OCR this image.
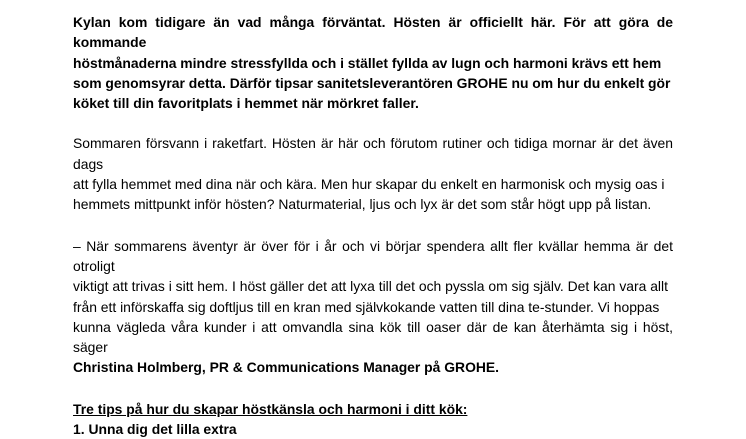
Kylan kom tidigare än vad många förväntat. Hösten är officiellt här. För att göra de kommande
höstmånaderna mindre stressfyllda och i stället fyllda av lugn och harmoni krävs ett hem
som genomsyrar detta. Därför tipsar sanitetsleverantören GROHE nu om hur du enkelt gör
köket till din favoritplats i hemmet när mörkret faller.

Sommaren försvann i raketfart. Hösten är här och förutom rutiner och tidiga mornar är det även dags
att fylla hemmet med dina när och kära. Men hur skapar du enkelt en harmonisk och mysig oas i
hemmets mittpunkt inför hösten? Naturmaterial, ljus och lyx är det som står högt upp på listan.

– När sommarens äventyr är över för i år och vi börjar spendera allt fler kvällar hemma är det otroligt
viktigt att trivas i sitt hem. I höst gäller det att lyxa till det och pyssla om sig själv. Det kan vara allt
från ett införskaffa sig doftljus till en kran med självkokande vatten till dina te-stunder. Vi hoppas
kunna vägleda våra kunder i att omvandla sina kök till oaser där de kan återhämta sig i höst, säger
Christina Holmberg, PR & Communications Manager på GROHE.

Tre tips på hur du skapar höstkänsla och harmoni i ditt kök:

1. Unna dig det lilla extra
